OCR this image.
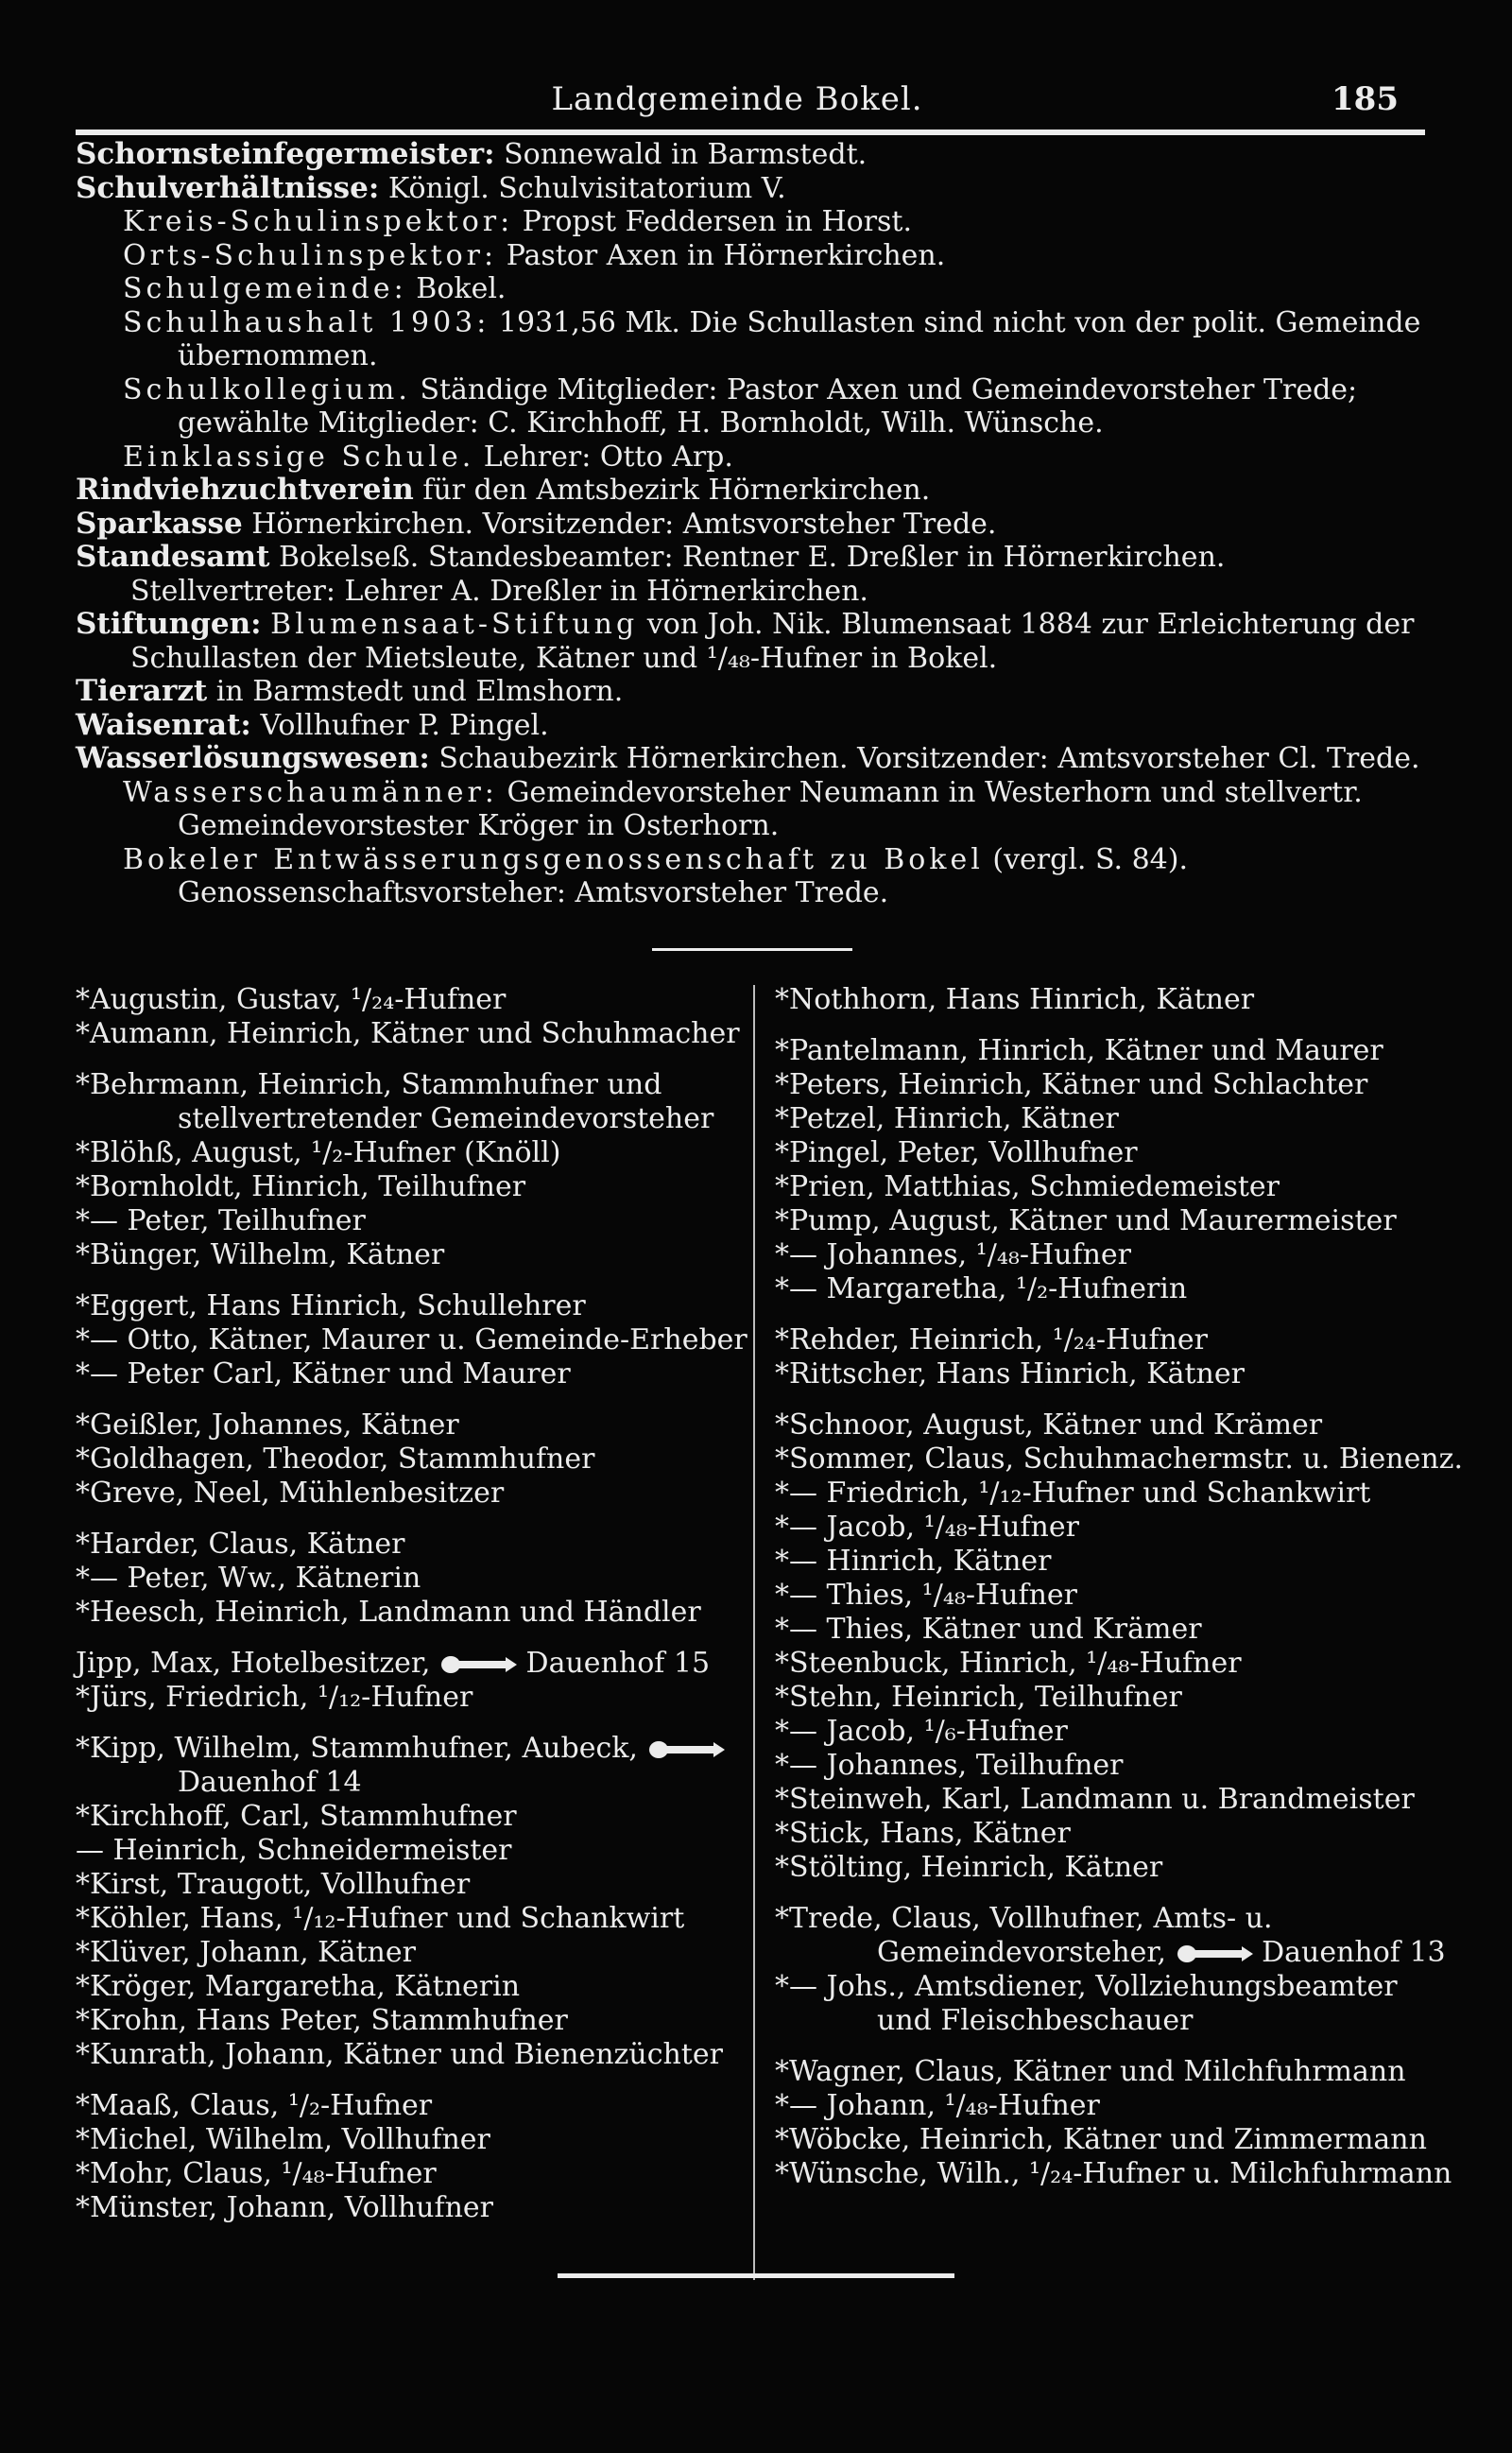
Landgemeinde Bokel.	185

Schornsteinfegermeister: Sonnewald in Barmstedt.

Schulverhältnisse: Königl. Schulvisitatorium V.

Kreis-Schulinspektor: Propst Feddersen in Horst.

Orts-Schulinspektor: Pastor Axen in Hörnerkirchen.

Schulgemeinde: Bokel.

Schulhaushalt 1903: 1931,56 Mk. Die Schullasten sind nicht von der polit. Gemeinde übernommen.

Schulkollegium. Ständige Mitglieder: Pastor Axen und Gemeindevorsteher Trede; gewählte Mitglieder: C. Kirchhoff, H. Bornholdt, Wilh. Wünsche.

Einklassige Schule. Lehrer: Otto Arp.

Rindviehzuchtverein für den Amtsbezirk Hörnerkirchen.

Sparkasse Hörnerkirchen. Vorsitzender: Amtsvorsteher Trede.

Standesamt Bokelseß. Standesbeamter: Rentner E. Dreßler in Hörnerkirchen. Stellvertreter: Lehrer A. Dreßler in Hörnerkirchen.

Stiftungen: Blumensaat-Stiftung von Joh. Nik. Blumensaat 1884 zur Erleichterung der Schullasten der Mietsleute, Kätner und ¹/₄₈-Hufner in Bokel.

Tierarzt in Barmstedt und Elmshorn.

Waisenrat: Vollhufner P. Pingel.

Wasserlösungswesen: Schaubezirk Hörnerkirchen. Vorsitzender: Amtsvorsteher Cl. Trede.

Wasserschaumänner: Gemeindevorsteher Neumann in Westerhorn und stellvertr. Gemeindevorstester Kröger in Osterhorn.

Bokeler Entwässerungsgenossenschaft zu Bokel (vergl. S. 84). Genossenschaftsvorsteher: Amtsvorsteher Trede.

*Augustin, Gustav, ¹/₂₄-Hufner

*Aumann, Heinrich, Kätner und Schuhmacher

*Behrmann, Heinrich, Stammhufner und stellvertretender Gemeindevorsteher

*Blöhß, August, ¹/₂-Hufner (Knöll)

*Bornholdt, Hinrich, Teilhufner

*— Peter, Teilhufner

*Bünger, Wilhelm, Kätner

*Eggert, Hans Hinrich, Schullehrer

*— Otto, Kätner, Maurer u. Gemeinde-Erheber

*— Peter Carl, Kätner und Maurer

*Geißler, Johannes, Kätner

*Goldhagen, Theodor, Stammhufner

*Greve, Neel, Mühlenbesitzer

*Harder, Claus, Kätner

*— Peter, Ww., Kätnerin

*Heesch, Heinrich, Landmann und Händler

Jipp, Max, Hotelbesitzer,	Dauenhof 15

*Jürs, Friedrich, ¹/₁₂-Hufner

*Kipp, Wilhelm, Stammhufner, Aubeck,  Dauenhof 14

*Kirchhoff, Carl, Stammhufner

— Heinrich, Schneidermeister

*Kirst, Traugott, Vollhufner

*Köhler, Hans, ¹/₁₂-Hufner und Schankwirt

*Klüver, Johann, Kätner

*Kröger, Margaretha, Kätnerin

*Krohn, Hans Peter, Stammhufner

*Kunrath, Johann, Kätner und Bienenzüchter

*Maaß, Claus, ¹/₂-Hufner

*Michel, Wilhelm, Vollhufner

*Mohr, Claus, ¹/₄₈-Hufner

*Münster, Johann, Vollhufner

*Nothhorn, Hans Hinrich, Kätner

*Pantelmann, Hinrich, Kätner und Maurer

*Peters, Heinrich, Kätner und Schlachter

*Petzel, Hinrich, Kätner

*Pingel, Peter, Vollhufner

*Prien, Matthias, Schmiedemeister

*Pump, August, Kätner und Maurermeister

*— Johannes, ¹/₄₈-Hufner

*— Margaretha, ¹/₂-Hufnerin

*Rehder, Heinrich, ¹/₂₄-Hufner

*Rittscher, Hans Hinrich, Kätner

*Schnoor, August, Kätner und Krämer

*Sommer, Claus, Schuhmachermstr. u. Bienenz.

*— Friedrich, ¹/₁₂-Hufner und Schankwirt

*— Jacob, ¹/₄₈-Hufner

*— Hinrich, Kätner

*— Thies, ¹/₄₈-Hufner

*— Thies, Kätner und Krämer

*Steenbuck, Hinrich, ¹/₄₈-Hufner

*Stehn, Heinrich, Teilhufner

*— Jacob, ¹/₆-Hufner

*— Johannes, Teilhufner

*Steinweh, Karl, Landmann u. Brandmeister

*Stick, Hans, Kätner

*Stölting, Heinrich, Kätner

*Trede, Claus, Vollhufner, Amts- u. Gemeindevorsteher,	Dauenhof 13

*— Johs., Amtsdiener, Vollziehungsbeamter und Fleischbeschauer

*Wagner, Claus, Kätner und Milchfuhrmann

*— Johann, ¹/₄₈-Hufner

*Wöbcke, Heinrich, Kätner und Zimmermann

*Wünsche, Wilh., ¹/₂₄-Hufner u. Milchfuhrmann
